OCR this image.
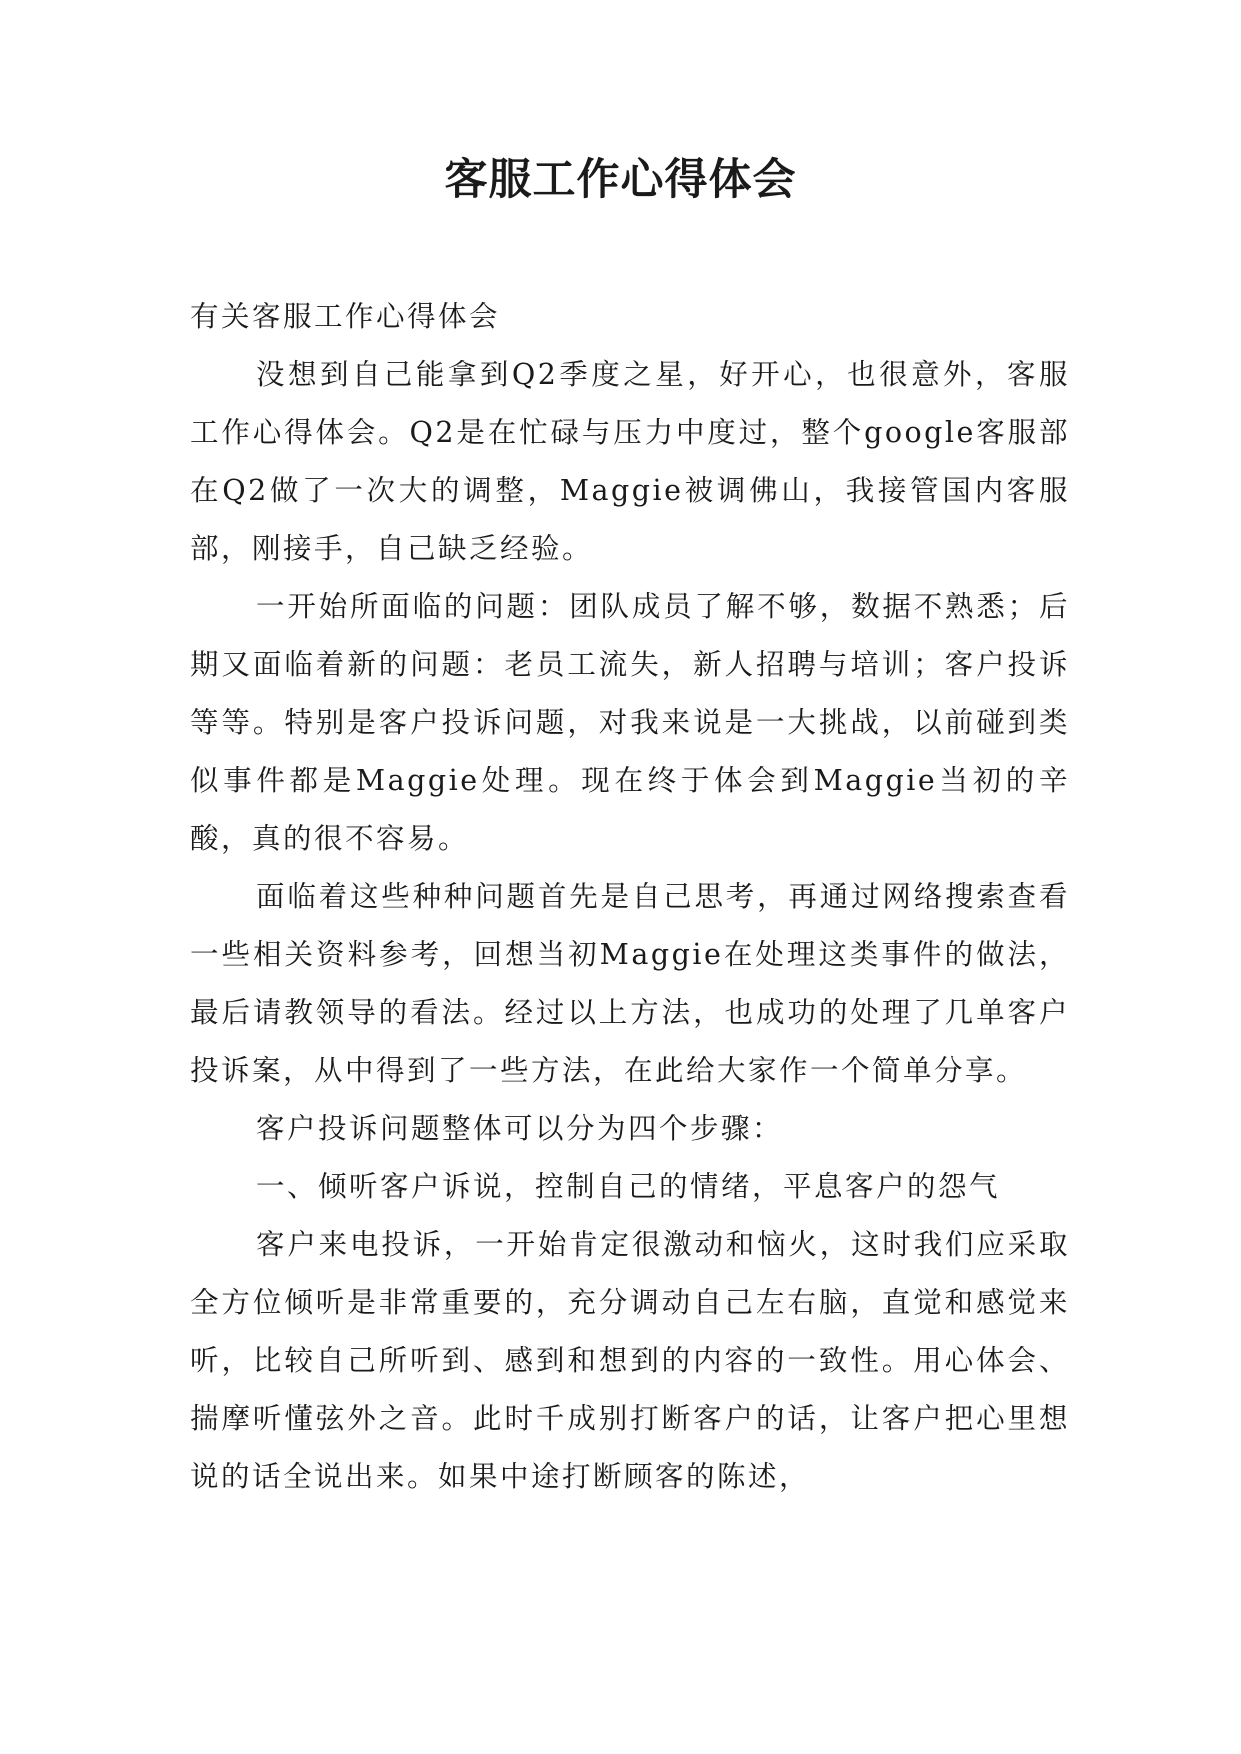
客服工作心得体会

有关客服工作心得体会

没想到自己能拿到Q2季度之星，好开心，也很意外，客服工作心得体会。Q2是在忙碌与压力中度过，整个google客服部在Q2做了一次大的调整，Maggie被调佛山，我接管国内客服部，刚接手，自己缺乏经验。

一开始所面临的问题：团队成员了解不够，数据不熟悉；后期又面临着新的问题：老员工流失，新人招聘与培训；客户投诉等等。特别是客户投诉问题，对我来说是一大挑战，以前碰到类似事件都是Maggie处理。现在终于体会到Maggie当初的辛酸，真的很不容易。

面临着这些种种问题首先是自己思考，再通过网络搜索查看一些相关资料参考，回想当初Maggie在处理这类事件的做法，最后请教领导的看法。经过以上方法，也成功的处理了几单客户投诉案，从中得到了一些方法，在此给大家作一个简单分享。

客户投诉问题整体可以分为四个步骤：

一、倾听客户诉说，控制自己的情绪，平息客户的怨气

客户来电投诉，一开始肯定很激动和恼火，这时我们应采取全方位倾听是非常重要的，充分调动自己左右脑，直觉和感觉来听，比较自己所听到、感到和想到的内容的一致性。用心体会、揣摩听懂弦外之音。此时千成别打断客户的话，让客户把心里想说的话全说出来。如果中途打断顾客的陈述，
